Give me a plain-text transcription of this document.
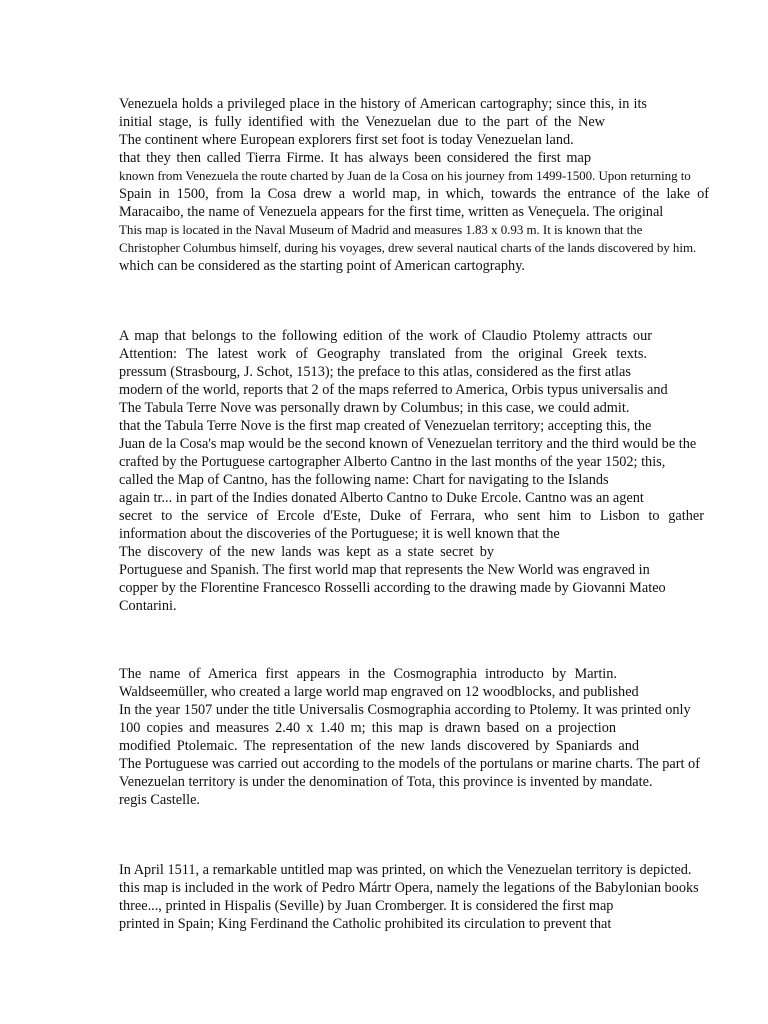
Venezuela holds a privileged place in the history of American cartography; since this, in its
initial stage, is fully identified with the Venezuelan due to the part of the New
The continent where European explorers first set foot is today Venezuelan land.
that they then called Tierra Firme. It has always been considered the first map
known from Venezuela the route charted by Juan de la Cosa on his journey from 1499-1500. Upon returning to
Spain in 1500, from la Cosa drew a world map, in which, towards the entrance of the lake of
Maracaibo, the name of Venezuela appears for the first time, written as Veneçuela. The original
This map is located in the Naval Museum of Madrid and measures 1.83 x 0.93 m. It is known that the
Christopher Columbus himself, during his voyages, drew several nautical charts of the lands discovered by him.
which can be considered as the starting point of American cartography.
A map that belongs to the following edition of the work of Claudio Ptolemy attracts our
Attention: The latest work of Geography translated from the original Greek texts.
pressum (Strasbourg, J. Schot, 1513); the preface to this atlas, considered as the first atlas
modern of the world, reports that 2 of the maps referred to America, Orbis typus universalis and
The Tabula Terre Nove was personally drawn by Columbus; in this case, we could admit.
that the Tabula Terre Nove is the first map created of Venezuelan territory; accepting this, the
Juan de la Cosa's map would be the second known of Venezuelan territory and the third would be the
crafted by the Portuguese cartographer Alberto Cantno in the last months of the year 1502; this,
called the Map of Cantno, has the following name: Chart for navigating to the Islands
again tr... in part of the Indies donated Alberto Cantno to Duke Ercole. Cantno was an agent
secret to the service of Ercole d'Este, Duke of Ferrara, who sent him to Lisbon to gather
information about the discoveries of the Portuguese; it is well known that the
The discovery of the new lands was kept as a state secret by
Portuguese and Spanish. The first world map that represents the New World was engraved in
copper by the Florentine Francesco Rosselli according to the drawing made by Giovanni Mateo
Contarini.
The name of America first appears in the Cosmographia introducto by Martin.
Waldseemüller, who created a large world map engraved on 12 woodblocks, and published
In the year 1507 under the title Universalis Cosmographia according to Ptolemy. It was printed only
100 copies and measures 2.40 x 1.40 m; this map is drawn based on a projection
modified Ptolemaic. The representation of the new lands discovered by Spaniards and
The Portuguese was carried out according to the models of the portulans or marine charts. The part of
Venezuelan territory is under the denomination of Tota, this province is invented by mandate.
regis Castelle.
In April 1511, a remarkable untitled map was printed, on which the Venezuelan territory is depicted.
this map is included in the work of Pedro Mártr Opera, namely the legations of the Babylonian books
three..., printed in Hispalis (Seville) by Juan Cromberger. It is considered the first map
printed in Spain; King Ferdinand the Catholic prohibited its circulation to prevent that
